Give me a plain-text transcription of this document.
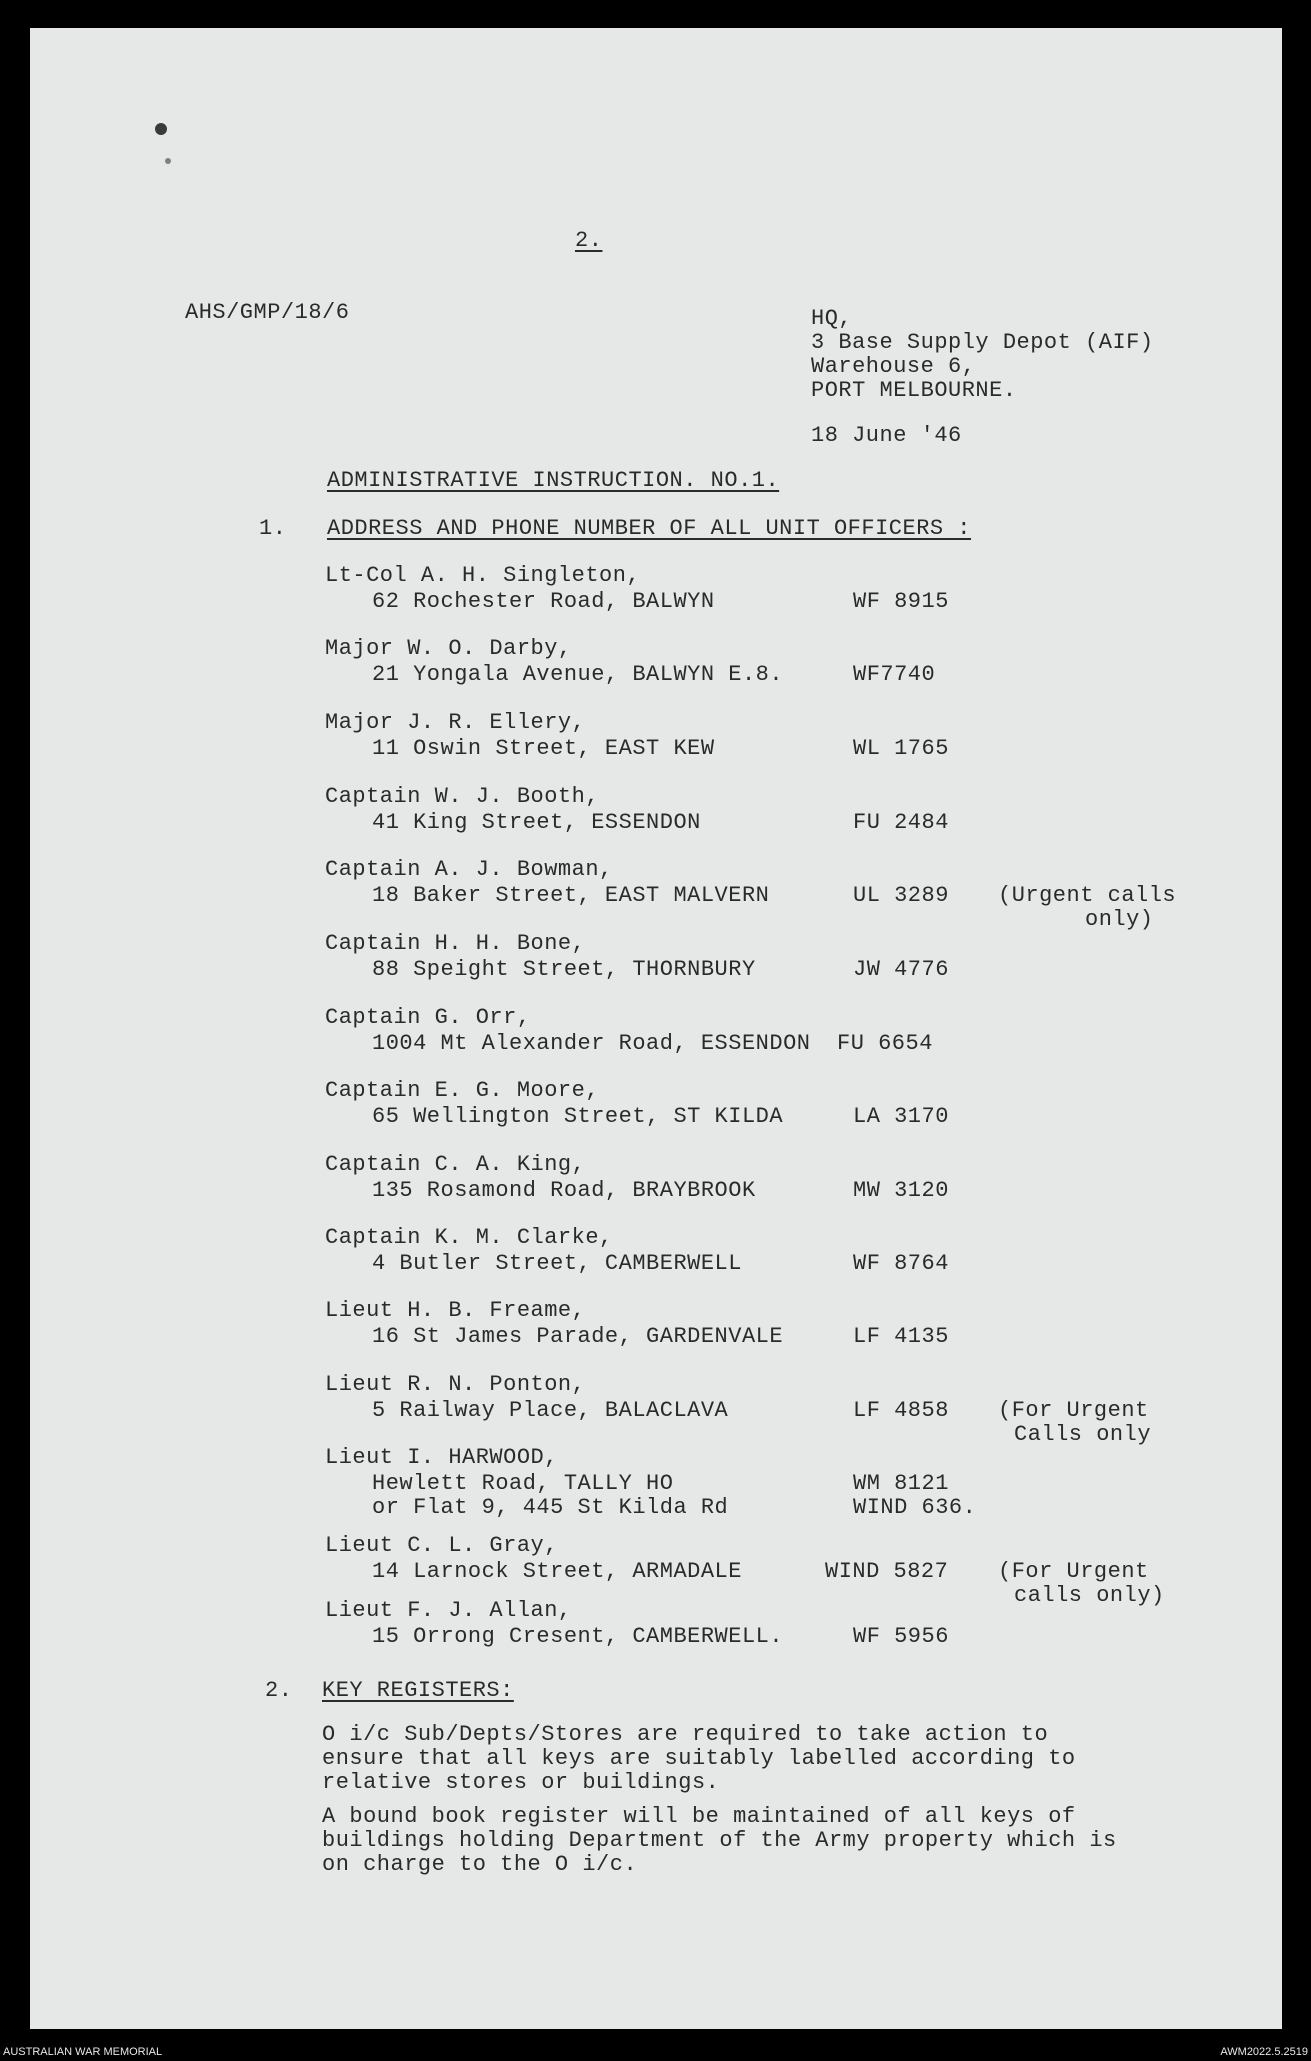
2.
AHS/GMP/18/6	HQ,
3 Base Supply Depot (AIF)
Warehouse 6,
PORT MELBOURNE.
18 June '46
ADMINISTRATIVE INSTRUCTION. NO.1.
1. ADDRESS AND PHONE NUMBER OF ALL UNIT OFFICERS :
Lt-Col A. H. Singleton,
62 Rochester Road, BALWYN	WF 8915
Major W. O. Darby,
21 Yongala Avenue, BALWYN E.8.	WF7740
Major J. R. Ellery,
11 Oswin Street, EAST KEW	WL 1765
Captain W. J. Booth,
41 King Street, ESSENDON	FU 2484
Captain A. J. Bowman,
18 Baker Street, EAST MALVERN	UL 3289 (Urgent calls
only)
Captain H. H. Bone,
88 Speight Street, THORNBURY	JW 4776
Captain G. Orr,
1004 Mt Alexander Road, ESSENDON FU 6654
Captain E. G. Moore,
65 Wellington Street, ST KILDA	LA 3170
Captain C. A. King,
135 Rosamond Road, BRAYBROOK	MW 3120
Captain K. M. Clarke,
4 Butler Street, CAMBERWELL	WF 8764
Lieut H. B. Freame,
16 St James Parade, GARDENVALE	LF 4135
Lieut R. N. Ponton,
5 Railway Place, BALACLAVA	LF 4858 (For Urgent
Calls only
Lieut I. HARWOOD,
Hewlett Road, TALLY HO	WM 8121
or Flat 9, 445 St Kilda Rd	WIND 636.
Lieut C. L. Gray,
14 Larnock Street, ARMADALE	WIND 5827 (For Urgent
calls only)
Lieut F. J. Allan,
15 Orrong Cresent, CAMBERWELL.	WF 5956
2. KEY REGISTERS:
O i/c Sub/Depts/Stores are required to take action to
ensure that all keys are suitably labelled according to
relative stores or buildings.
A bound book register will be maintained of all keys of
buildings holding Department of the Army property which is
on charge to the O i/c.
AUSTRALIAN WAR MEMORIAL	AWM2022.5.2519
